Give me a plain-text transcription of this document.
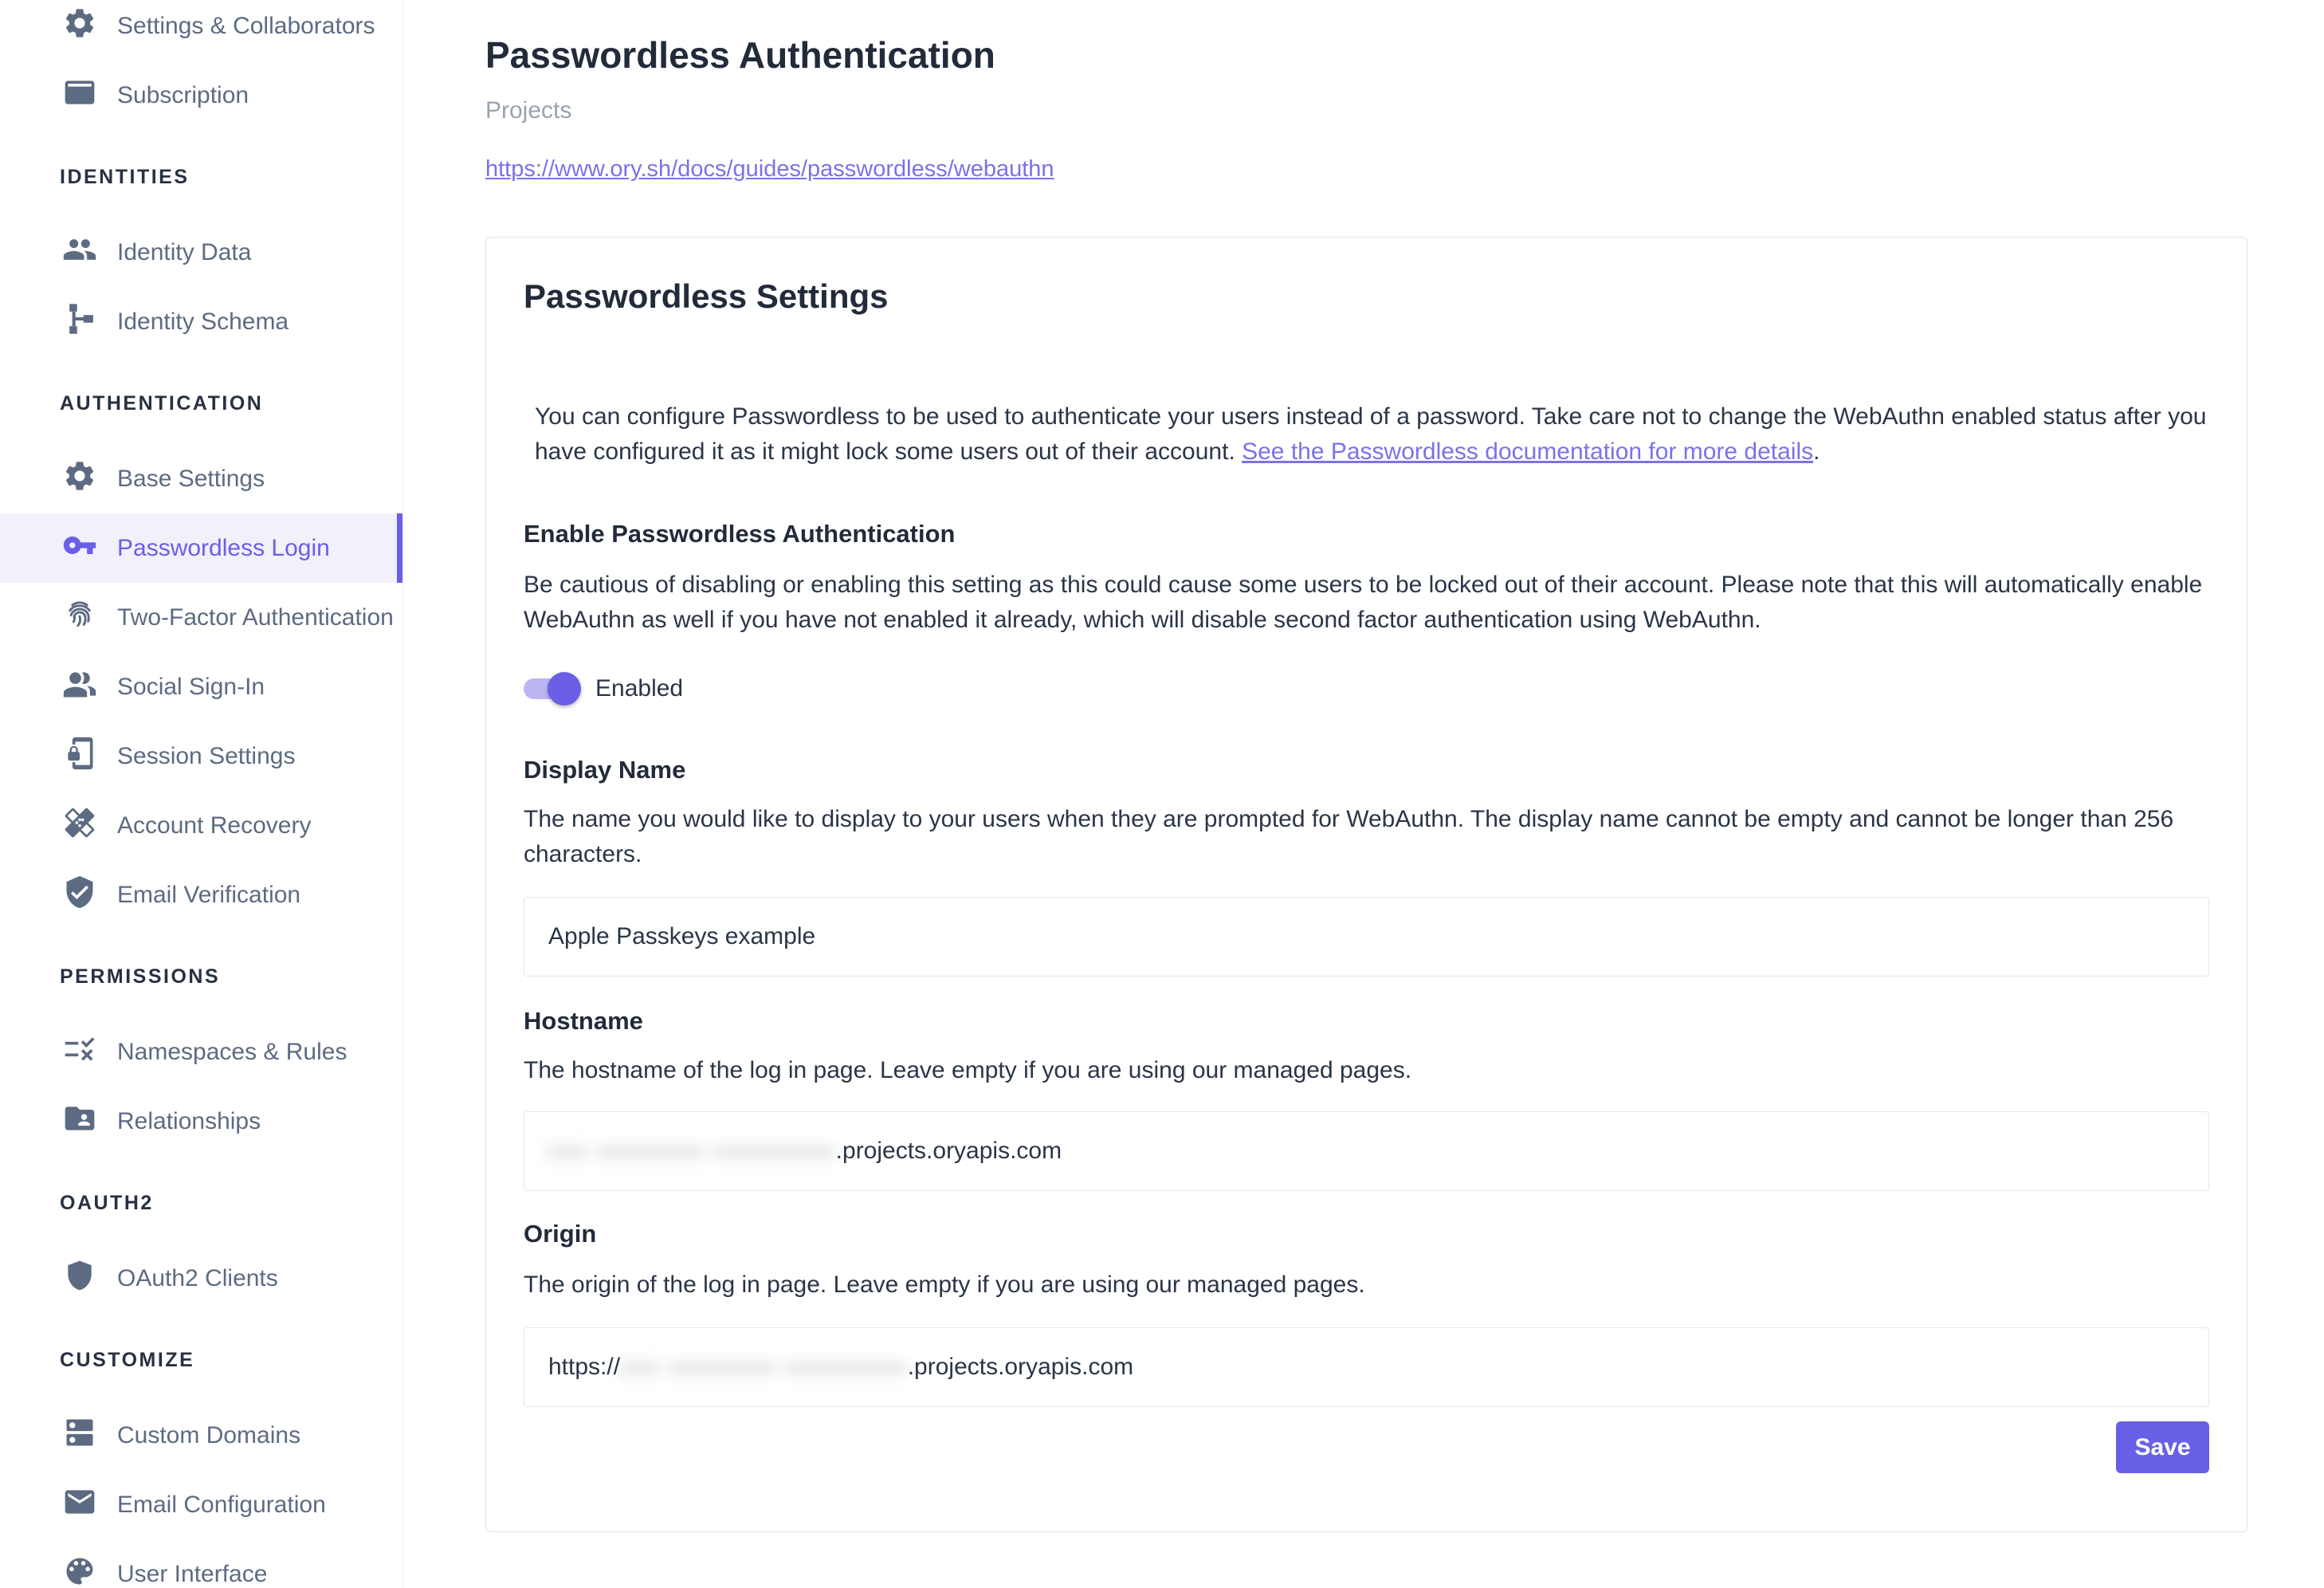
Settings & Collaborators
Subscription
IDENTITIES
Identity Data
Identity Schema
AUTHENTICATION
Base Settings
Passwordless Login
Two-Factor Authentication
Social Sign-In
Session Settings
Account Recovery
Email Verification
PERMISSIONS
Namespaces & Rules
Relationships
OAUTH2
OAuth2 Clients
CUSTOMIZE
Custom Domains
Email Configuration
User Interface
Passwordless Authentication
Projects
https://www.ory.sh/docs/guides/passwordless/webauthn
Passwordless Settings

You can configure Passwordless to be used to authenticate your users instead of a password. Take care not to change the WebAuthn enabled status after you have configured it as it might lock some users out of their account. See the Passwordless documentation for more details.

Enable Passwordless Authentication

Be cautious of disabling or enabling this setting as this could cause some users to be locked out of their account. Please note that this will automatically enable WebAuthn as well if you have not enabled it already, which will disable second factor authentication using WebAuthn.

Enabled
Display Name

The name you would like to display to your users when they are prompted for WebAuthn. The display name cannot be empty and cannot be longer than 256 characters.

Apple Passkeys example
Hostname

The hostname of the log in page. Leave empty if you are using our managed pages.

xxx xxxxxxxx xxxxxxxxx .projects.oryapis.com
Origin

The origin of the log in page. Leave empty if you are using our managed pages.

https:// xxx xxxxxxxx xxxxxxxxx .projects.oryapis.com
Save
